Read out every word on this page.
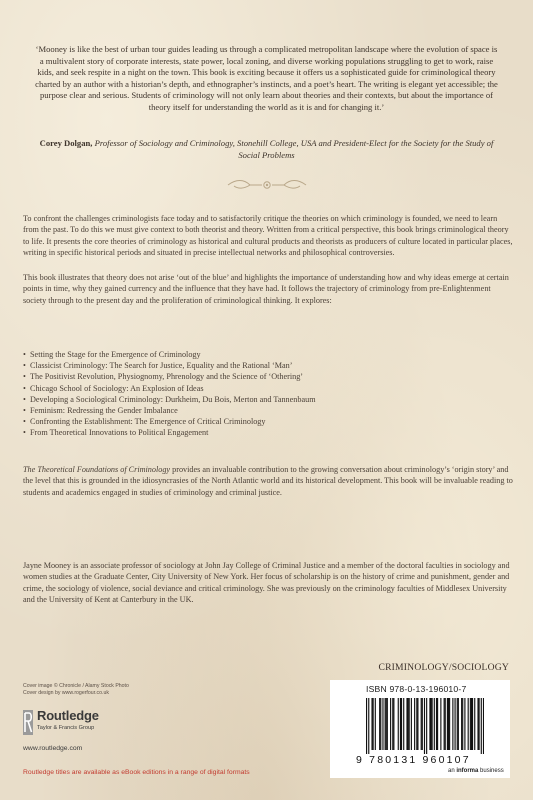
‘Mooney is like the best of urban tour guides leading us through a complicated metropolitan landscape where the evolution of space is a multivalent story of corporate interests, state power, local zoning, and diverse working populations struggling to get to work, raise kids, and seek respite in a night on the town. This book is exciting because it offers us a sophisticated guide for criminological theory charted by an author with a historian’s depth, and ethnographer’s instincts, and a poet’s heart. The writing is elegant yet accessible; the purpose clear and serious. Students of criminology will not only learn about theories and their contexts, but about the importance of theory itself for understanding the world as it is and for changing it.’
Corey Dolgan, Professor of Sociology and Criminology, Stonehill College, USA and President-Elect for the Society for the Study of Social Problems

To confront the challenges criminologists face today and to satisfactorily critique the theories on which criminology is founded, we need to learn from the past. To do this we must give context to both theorist and theory. Written from a critical perspective, this book brings criminological theory to life. It presents the core theories of criminology as historical and cultural products and theorists as producers of culture located in particular places, writing in specific historical periods and situated in precise intellectual networks and philosophical controversies.

This book illustrates that theory does not arise ‘out of the blue’ and highlights the importance of understanding how and why ideas emerge at certain points in time, why they gained currency and the influence that they have had. It follows the trajectory of criminology from pre-Enlightenment society through to the present day and the proliferation of criminological thinking. It explores:

• Setting the Stage for the Emergence of Criminology
• Classicist Criminology: The Search for Justice, Equality and the Rational ‘Man’
• The Positivist Revolution, Physiognomy, Phrenology and the Science of ‘Othering’
• Chicago School of Sociology: An Explosion of Ideas
• Developing a Sociological Criminology: Durkheim, Du Bois, Merton and Tannenbaum
• Feminism: Redressing the Gender Imbalance
• Confronting the Establishment: The Emergence of Critical Criminology
• From Theoretical Innovations to Political Engagement

The Theoretical Foundations of Criminology provides an invaluable contribution to the growing conversation about criminology’s ‘origin story’ and the level that this is grounded in the idiosyncrasies of the North Atlantic world and its historical development. This book will be invaluable reading to students and academics engaged in studies of criminology and criminal justice.

Jayne Mooney is an associate professor of sociology at John Jay College of Criminal Justice and a member of the doctoral faculties in sociology and women studies at the Graduate Center, City University of New York. Her focus of scholarship is on the history of crime and punishment, gender and crime, the sociology of violence, social deviance and critical criminology. She was previously on the criminology faculties of Middlesex University and the University of Kent at Canterbury in the UK.

CRIMINOLOGY/SOCIOLOGY
Cover image © Chronicle / Alamy Stock Photo
Cover design by www.rogerfour.co.uk
Routledge
Taylor & Francis Group
www.routledge.com
Routledge titles are available as eBook editions in a range of digital formats
ISBN 978-0-13-196010-7
9 780131 960107
an informa business
